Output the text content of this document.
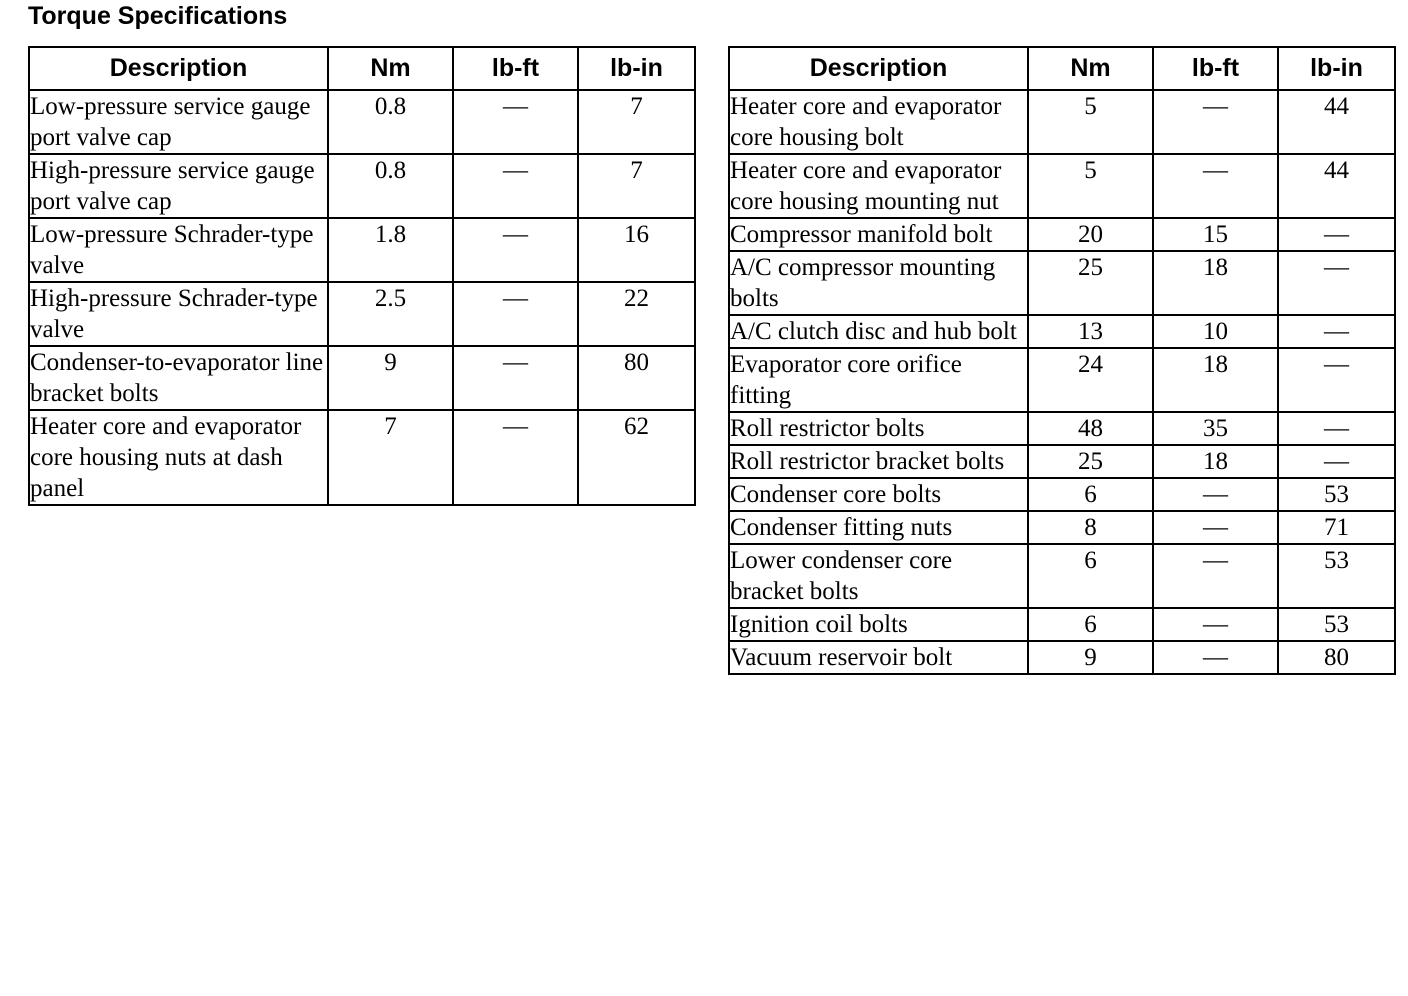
Torque Specifications
Description	Nm	lb-ft	lb-in
Low-pressure service gauge port valve cap	0.8	—	7
High-pressure service gauge port valve cap	0.8	—	7
Low-pressure Schrader-type valve	1.8	—	16
High-pressure Schrader-type valve	2.5	—	22
Condenser-to-evaporator line bracket bolts	9	—	80
Heater core and evaporator core housing nuts at dash panel	7	—	62
Description	Nm	lb-ft	lb-in
Heater core and evaporator core housing bolt	5	—	44
Heater core and evaporator core housing mounting nut	5	—	44
Compressor manifold bolt	20	15	—
A/C compressor mounting bolts	25	18	—
A/C clutch disc and hub bolt	13	10	—
Evaporator core orifice fitting	24	18	—
Roll restrictor bolts	48	35	—
Roll restrictor bracket bolts	25	18	—
Condenser core bolts	6	—	53
Condenser fitting nuts	8	—	71
Lower condenser core bracket bolts	6	—	53
Ignition coil bolts	6	—	53
Vacuum reservoir bolt	9	—	80
